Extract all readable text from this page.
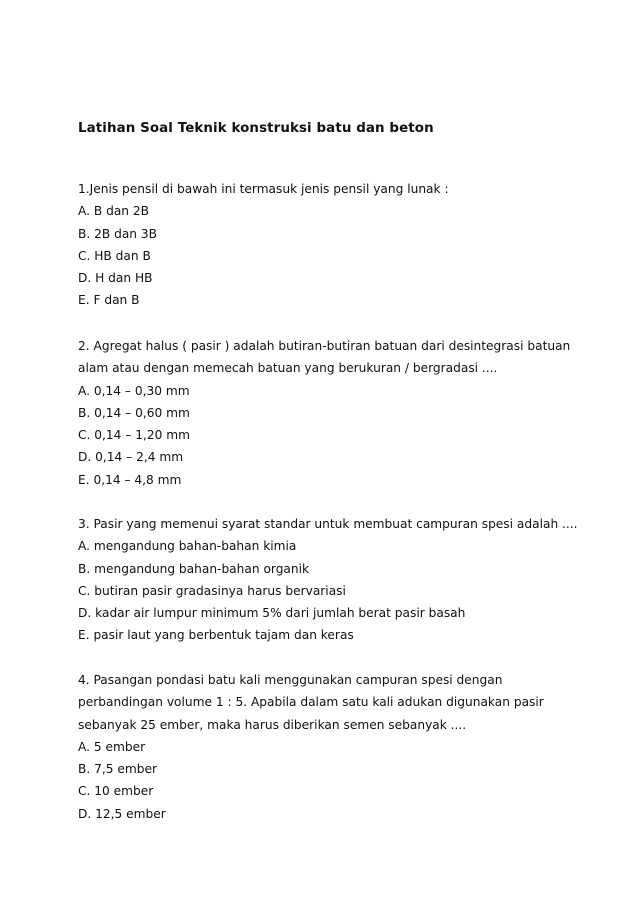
Latihan Soal Teknik konstruksi batu dan beton
1.Jenis pensil di bawah ini termasuk jenis pensil yang lunak :
A. B dan 2B
B. 2B dan 3B
C. HB dan B
D. H dan HB
E. F dan B
2. Agregat halus ( pasir ) adalah butiran-butiran batuan dari desintegrasi batuan
alam atau dengan memecah batuan yang berukuran / bergradasi ....
A. 0,14 – 0,30 mm
B. 0,14 – 0,60 mm
C. 0,14 – 1,20 mm
D. 0,14 – 2,4 mm
E. 0,14 – 4,8 mm
3. Pasir yang memenui syarat standar untuk membuat campuran spesi adalah ....
A. mengandung bahan-bahan kimia
B. mengandung bahan-bahan organik
C. butiran pasir gradasinya harus bervariasi
D. kadar air lumpur minimum 5% dari jumlah berat pasir basah
E. pasir laut yang berbentuk tajam dan keras
4. Pasangan pondasi batu kali menggunakan campuran spesi dengan
perbandingan volume 1 : 5. Apabila dalam satu kali adukan digunakan pasir
sebanyak 25 ember, maka harus diberikan semen sebanyak ....
A. 5 ember
B. 7,5 ember
C. 10 ember
D. 12,5 ember
